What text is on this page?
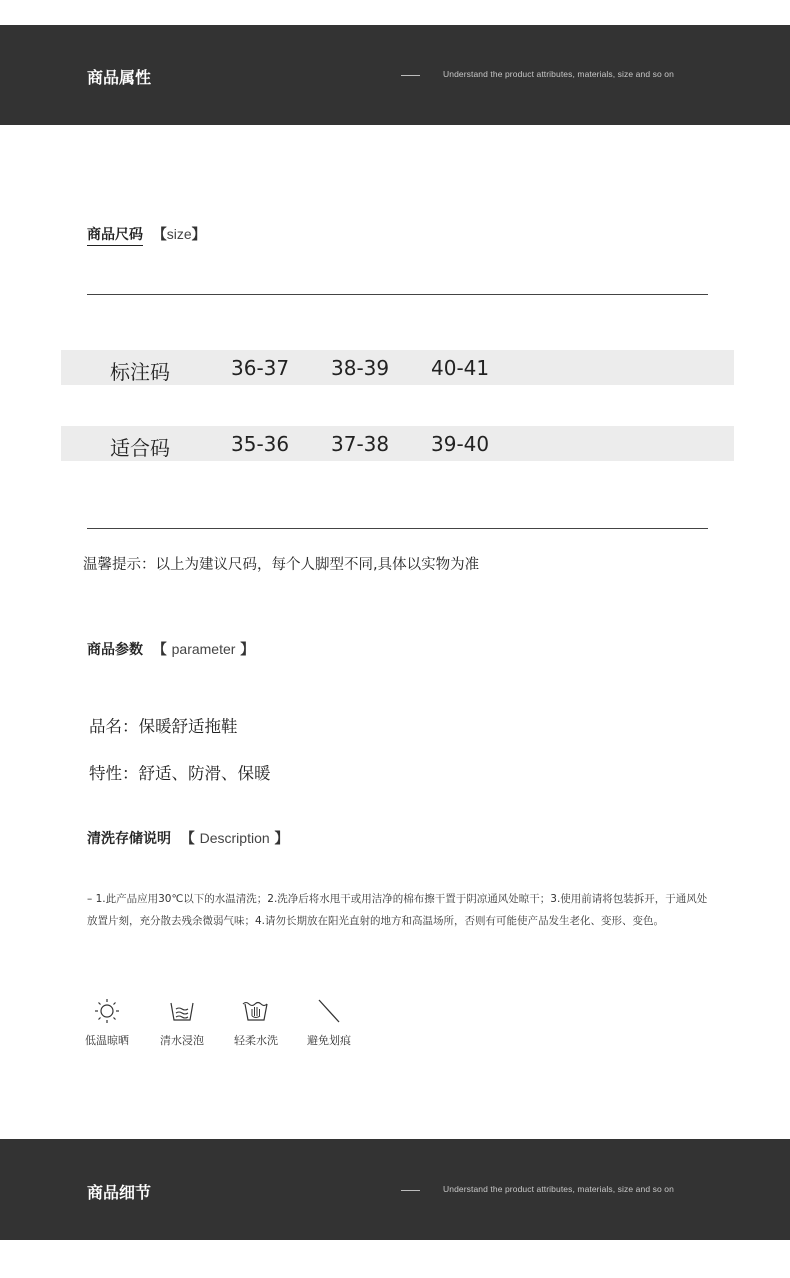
商品属性	Understand the product attributes, materials, size and so on
商品尺码  【size】
标注码	36-37 38-39 40-41
适合码	35-36 37-38 39-40
温馨提示：以上为建议尺码，每个人脚型不同,具体以实物为准
商品参数  【 parameter 】
品名：保暖舒适拖鞋
特性：舒适、防滑、保暖
清洗存储说明  【 Description 】
– 1.此产品应用30℃以下的水温清洗；2.洗净后将水甩干或用洁净的棉布擦干置于阴凉通风处晾干；3.使用前请将包装拆开，于通风处放置片刻，充分散去残余微弱气味；4.请勿长期放在阳光直射的地方和高温场所，否则有可能使产品发生老化、变形、变色。
低温晾晒	清水浸泡	轻柔水洗	避免划痕
商品细节	Understand the product attributes, materials, size and so on
